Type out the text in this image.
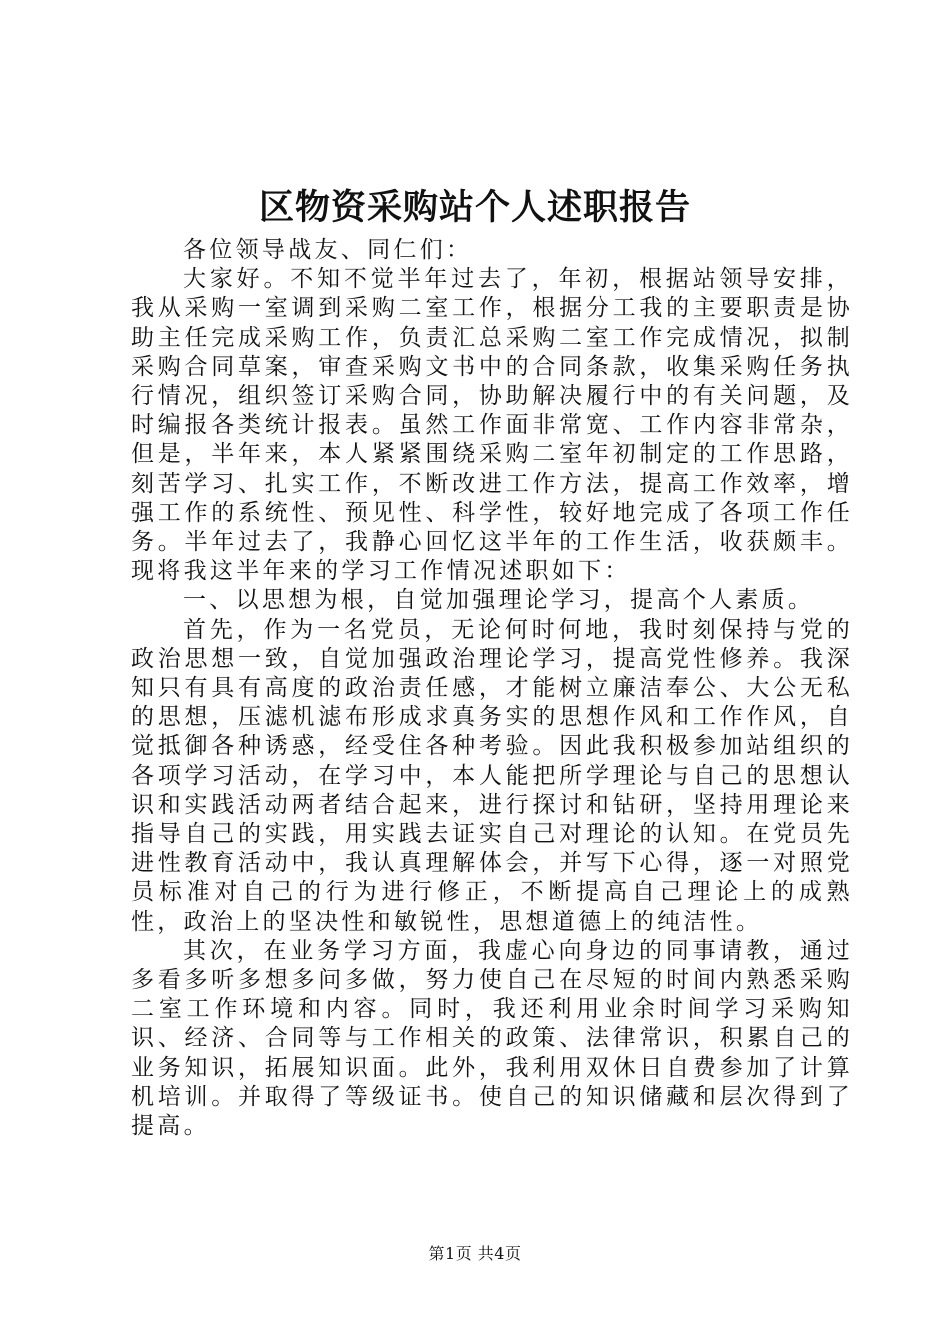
区物资采购站个人述职报告

各位领导战友、同仁们：

大家好。不知不觉半年过去了，年初，根据站领导安排，我从采购一室调到采购二室工作，根据分工我的主要职责是协助主任完成采购工作，负责汇总采购二室工作完成情况，拟制采购合同草案，审查采购文书中的合同条款，收集采购任务执行情况，组织签订采购合同，协助解决履行中的有关问题，及时编报各类统计报表。虽然工作面非常宽、工作内容非常杂，但是，半年来，本人紧紧围绕采购二室年初制定的工作思路，刻苦学习、扎实工作，不断改进工作方法，提高工作效率，增强工作的系统性、预见性、科学性，较好地完成了各项工作任务。半年过去了，我静心回忆这半年的工作生活，收获颇丰。现将我这半年来的学习工作情况述职如下：

一、以思想为根，自觉加强理论学习，提高个人素质。

首先，作为一名党员，无论何时何地，我时刻保持与党的政治思想一致，自觉加强政治理论学习，提高党性修养。我深知只有具有高度的政治责任感，才能树立廉洁奉公、大公无私的思想，压滤机滤布形成求真务实的思想作风和工作作风，自觉抵御各种诱惑，经受住各种考验。因此我积极参加站组织的各项学习活动，在学习中，本人能把所学理论与自己的思想认识和实践活动两者结合起来，进行探讨和钻研，坚持用理论来指导自己的实践，用实践去证实自己对理论的认知。在党员先进性教育活动中，我认真理解体会，并写下心得，逐一对照党员标准对自己的行为进行修正，不断提高自己理论上的成熟性，政治上的坚决性和敏锐性，思想道德上的纯洁性。

其次，在业务学习方面，我虚心向身边的同事请教，通过多看多听多想多问多做，努力使自己在尽短的时间内熟悉采购二室工作环境和内容。同时，我还利用业余时间学习采购知识、经济、合同等与工作相关的政策、法律常识，积累自己的业务知识，拓展知识面。此外，我利用双休日自费参加了计算机培训。并取得了等级证书。使自己的知识储藏和层次得到了提高。

第1页 共4页
